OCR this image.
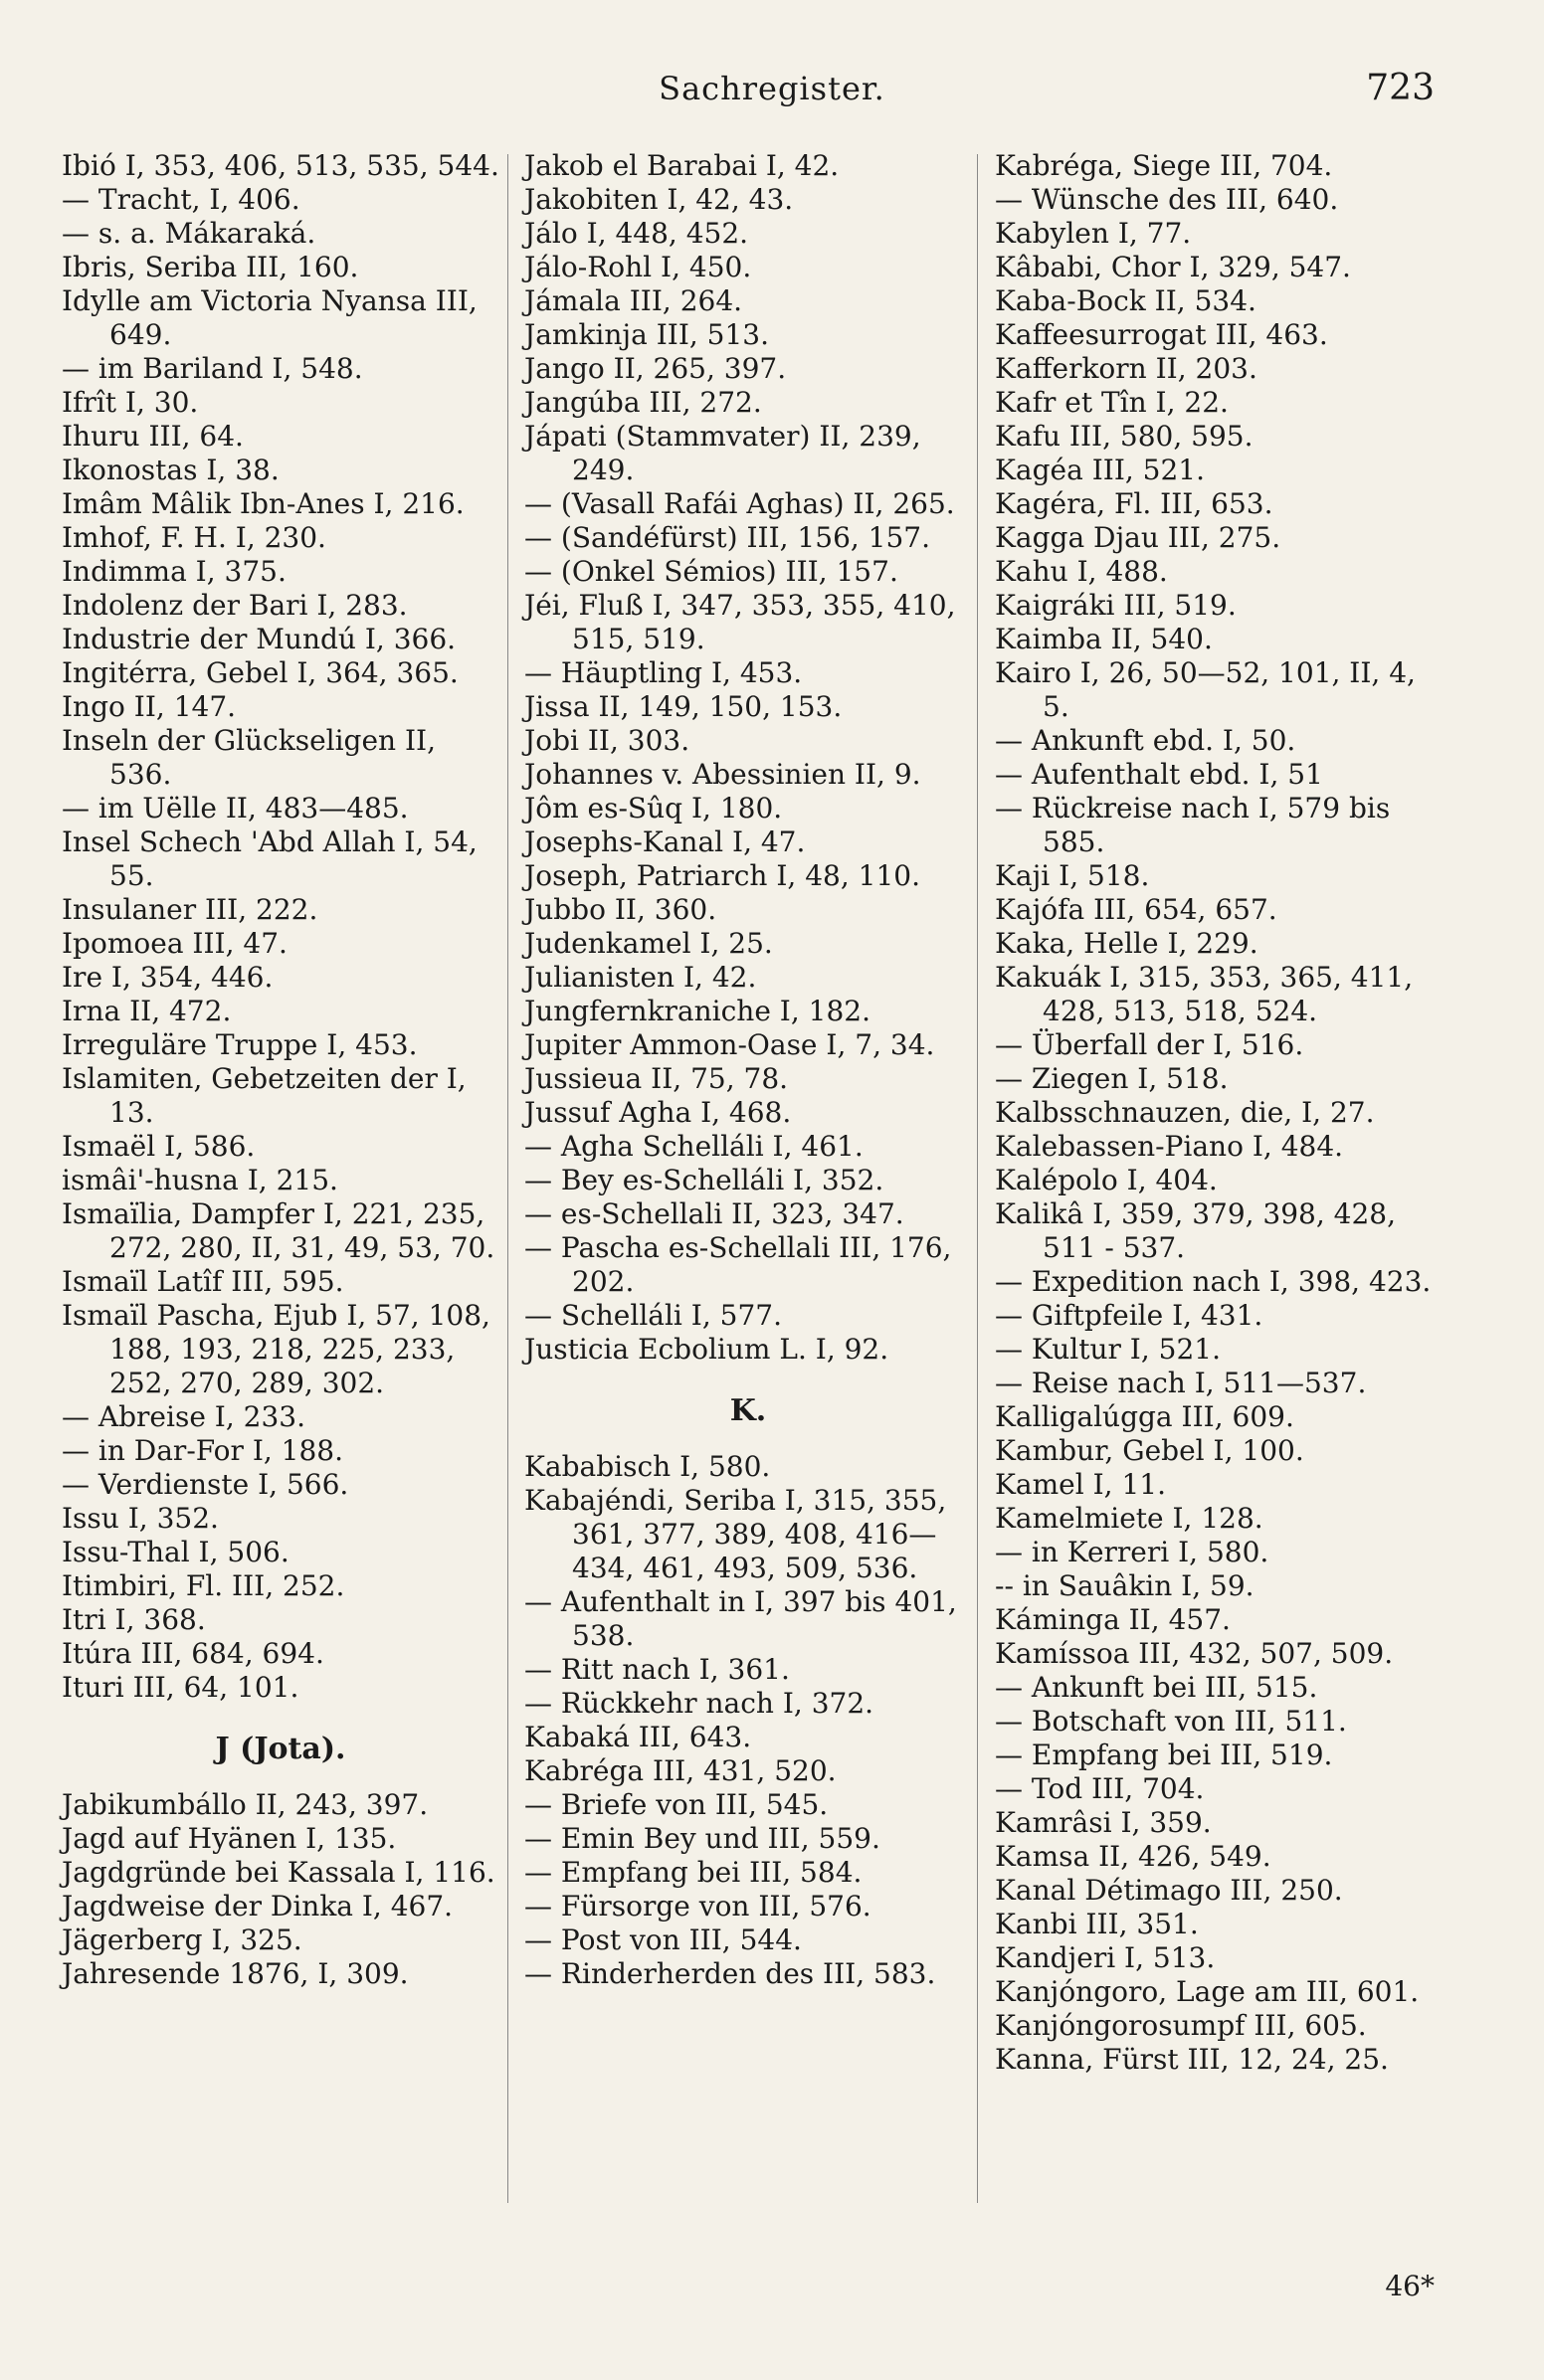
Sachregister.	723

Ibió I, 353, 406, 513, 535, 544.

— Tracht, I, 406.

— s. a. Mákaraká.

Ibris, Seriba III, 160.

Idylle am Victoria Nyansa III, 649.

— im Bariland I, 548.

Ifrît I, 30.

Ihuru III, 64.

Ikonostas I, 38.

Imâm Mâlik Ibn-Anes I, 216.

Imhof, F. H. I, 230.

Indimma I, 375.

Indolenz der Bari I, 283.

Industrie der Mundú I, 366.

Ingitérra, Gebel I, 364, 365.

Ingo II, 147.

Inseln der Glückseligen II, 536.

— im Uëlle II, 483—485.

Insel Schech 'Abd Allah I, 54, 55.

Insulaner III, 222.

Ipomoea III, 47.

Ire I, 354, 446.

Irna II, 472.

Irreguläre Truppe I, 453.

Islamiten, Gebetzeiten der I, 13.

Ismaël I, 586.

ismâi'-husna I, 215.

Ismaïlia, Dampfer I, 221, 235, 272, 280, II, 31, 49, 53, 70.

Ismaïl Latîf III, 595.

Ismaïl Pascha, Ejub I, 57, 108, 188, 193, 218, 225, 233, 252, 270, 289, 302.

— Abreise I, 233.

— in Dar-For I, 188.

— Verdienste I, 566.

Issu I, 352.

Issu-Thal I, 506.

Itimbiri, Fl. III, 252.

Itri I, 368.

Itúra III, 684, 694.

Ituri III, 64, 101.

J (Jota).

Jabikumbállo II, 243, 397.

Jagd auf Hyänen I, 135.

Jagdgründe bei Kassala I, 116.

Jagdweise der Dinka I, 467.

Jägerberg I, 325.

Jahresende 1876, I, 309.

Jakob el Barabai I, 42.

Jakobiten I, 42, 43.

Jálo I, 448, 452.

Jálo-Rohl I, 450.

Jámala III, 264.

Jamkinja III, 513.

Jango II, 265, 397.

Jangúba III, 272.

Jápati (Stammvater) II, 239, 249.

— (Vasall Rafái Aghas) II, 265.

— (Sandéfürst) III, 156, 157.

— (Onkel Sémios) III, 157.

Jéi, Fluß I, 347, 353, 355, 410, 515, 519.

— Häuptling I, 453.

Jissa II, 149, 150, 153.

Jobi II, 303.

Johannes v. Abessinien II, 9.

Jôm es-Sûq I, 180.

Josephs-Kanal I, 47.

Joseph, Patriarch I, 48, 110.

Jubbo II, 360.

Judenkamel I, 25.

Julianisten I, 42.

Jungfernkraniche I, 182.

Jupiter Ammon-Oase I, 7, 34.

Jussieua II, 75, 78.

Jussuf Agha I, 468.

— Agha Schelláli I, 461.

— Bey es-Schelláli I, 352.

— es-Schellali II, 323, 347.

— Pascha es-Schellali III, 176, 202.

— Schelláli I, 577.

Justicia Ecbolium L. I, 92.

K.

Kababisch I, 580.

Kabajéndi, Seriba I, 315, 355, 361, 377, 389, 408, 416—434, 461, 493, 509, 536.

— Aufenthalt in I, 397 bis 401, 538.

— Ritt nach I, 361.

— Rückkehr nach I, 372.

Kabaká III, 643.

Kabréga III, 431, 520.

— Briefe von III, 545.

— Emin Bey und III, 559.

— Empfang bei III, 584.

— Fürsorge von III, 576.

— Post von III, 544.

— Rinderherden des III, 583.

Kabréga, Siege III, 704.

— Wünsche des III, 640.

Kabylen I, 77.

Kâbabi, Chor I, 329, 547.

Kaba-Bock II, 534.

Kaffeesurrogat III, 463.

Kafferkorn II, 203.

Kafr et Tîn I, 22.

Kafu III, 580, 595.

Kagéa III, 521.

Kagéra, Fl. III, 653.

Kagga Djau III, 275.

Kahu I, 488.

Kaigráki III, 519.

Kaimba II, 540.

Kairo I, 26, 50—52, 101, II, 4, 5.

— Ankunft ebd. I, 50.

— Aufenthalt ebd. I, 51

— Rückreise nach I, 579 bis 585.

Kaji I, 518.

Kajófa III, 654, 657.

Kaka, Helle I, 229.

Kakuák I, 315, 353, 365, 411, 428, 513, 518, 524.

— Überfall der I, 516.

— Ziegen I, 518.

Kalbsschnauzen, die, I, 27.

Kalebassen-Piano I, 484.

Kalépolo I, 404.

Kalikâ I, 359, 379, 398, 428, 511 - 537.

— Expedition nach I, 398, 423.

— Giftpfeile I, 431.

— Kultur I, 521.

— Reise nach I, 511—537.

Kalligalúgga III, 609.

Kambur, Gebel I, 100.

Kamel I, 11.

Kamelmiete I, 128.

— in Kerreri I, 580.

-- in Sauâkin I, 59.

Káminga II, 457.

Kamíssoa III, 432, 507, 509.

— Ankunft bei III, 515.

— Botschaft von III, 511.

— Empfang bei III, 519.

— Tod III, 704.

Kamrâsi I, 359.

Kamsa II, 426, 549.

Kanal Détimago III, 250.

Kanbi III, 351.

Kandjeri I, 513.

Kanjóngoro, Lage am III, 601.

Kanjóngorosumpf III, 605.

Kanna, Fürst III, 12, 24, 25.

46*
